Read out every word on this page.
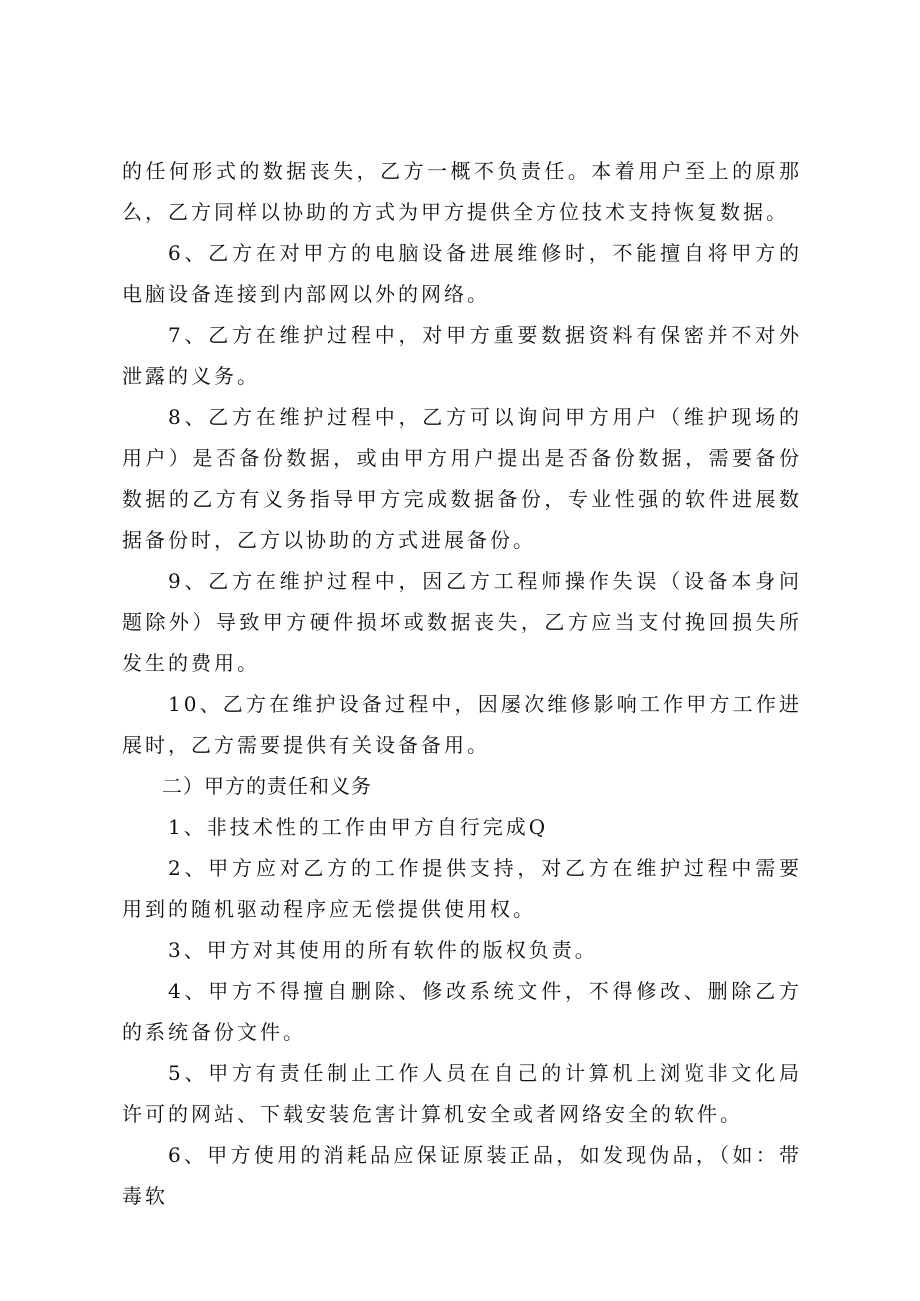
的任何形式的数据丧失，乙方一概不负责任。本着用户至上的原那么，乙方同样以协助的方式为甲方提供全方位技术支持恢复数据。

6、乙方在对甲方的电脑设备进展维修时，不能擅自将甲方的电脑设备连接到内部网以外的网络。

7、乙方在维护过程中，对甲方重要数据资料有保密并不对外泄露的义务。

8、乙方在维护过程中，乙方可以询问甲方用户（维护现场的用户）是否备份数据，或由甲方用户提出是否备份数据，需要备份数据的乙方有义务指导甲方完成数据备份，专业性强的软件进展数据备份时，乙方以协助的方式进展备份。

9、乙方在维护过程中，因乙方工程师操作失误（设备本身问题除外）导致甲方硬件损坏或数据丧失，乙方应当支付挽回损失所发生的费用。

10、乙方在维护设备过程中，因屡次维修影响工作甲方工作进展时，乙方需要提供有关设备备用。

二）甲方的责任和义务

1、非技术性的工作由甲方自行完成Q

2、甲方应对乙方的工作提供支持，对乙方在维护过程中需要用到的随机驱动程序应无偿提供使用权。

3、甲方对其使用的所有软件的版权负责。

4、甲方不得擅自删除、修改系统文件，不得修改、删除乙方的系统备份文件。

5、甲方有责任制止工作人员在自己的计算机上浏览非文化局许可的网站、下载安装危害计算机安全或者网络安全的软件。

6、甲方使用的消耗品应保证原装正品，如发现伪品，（如：带毒软
